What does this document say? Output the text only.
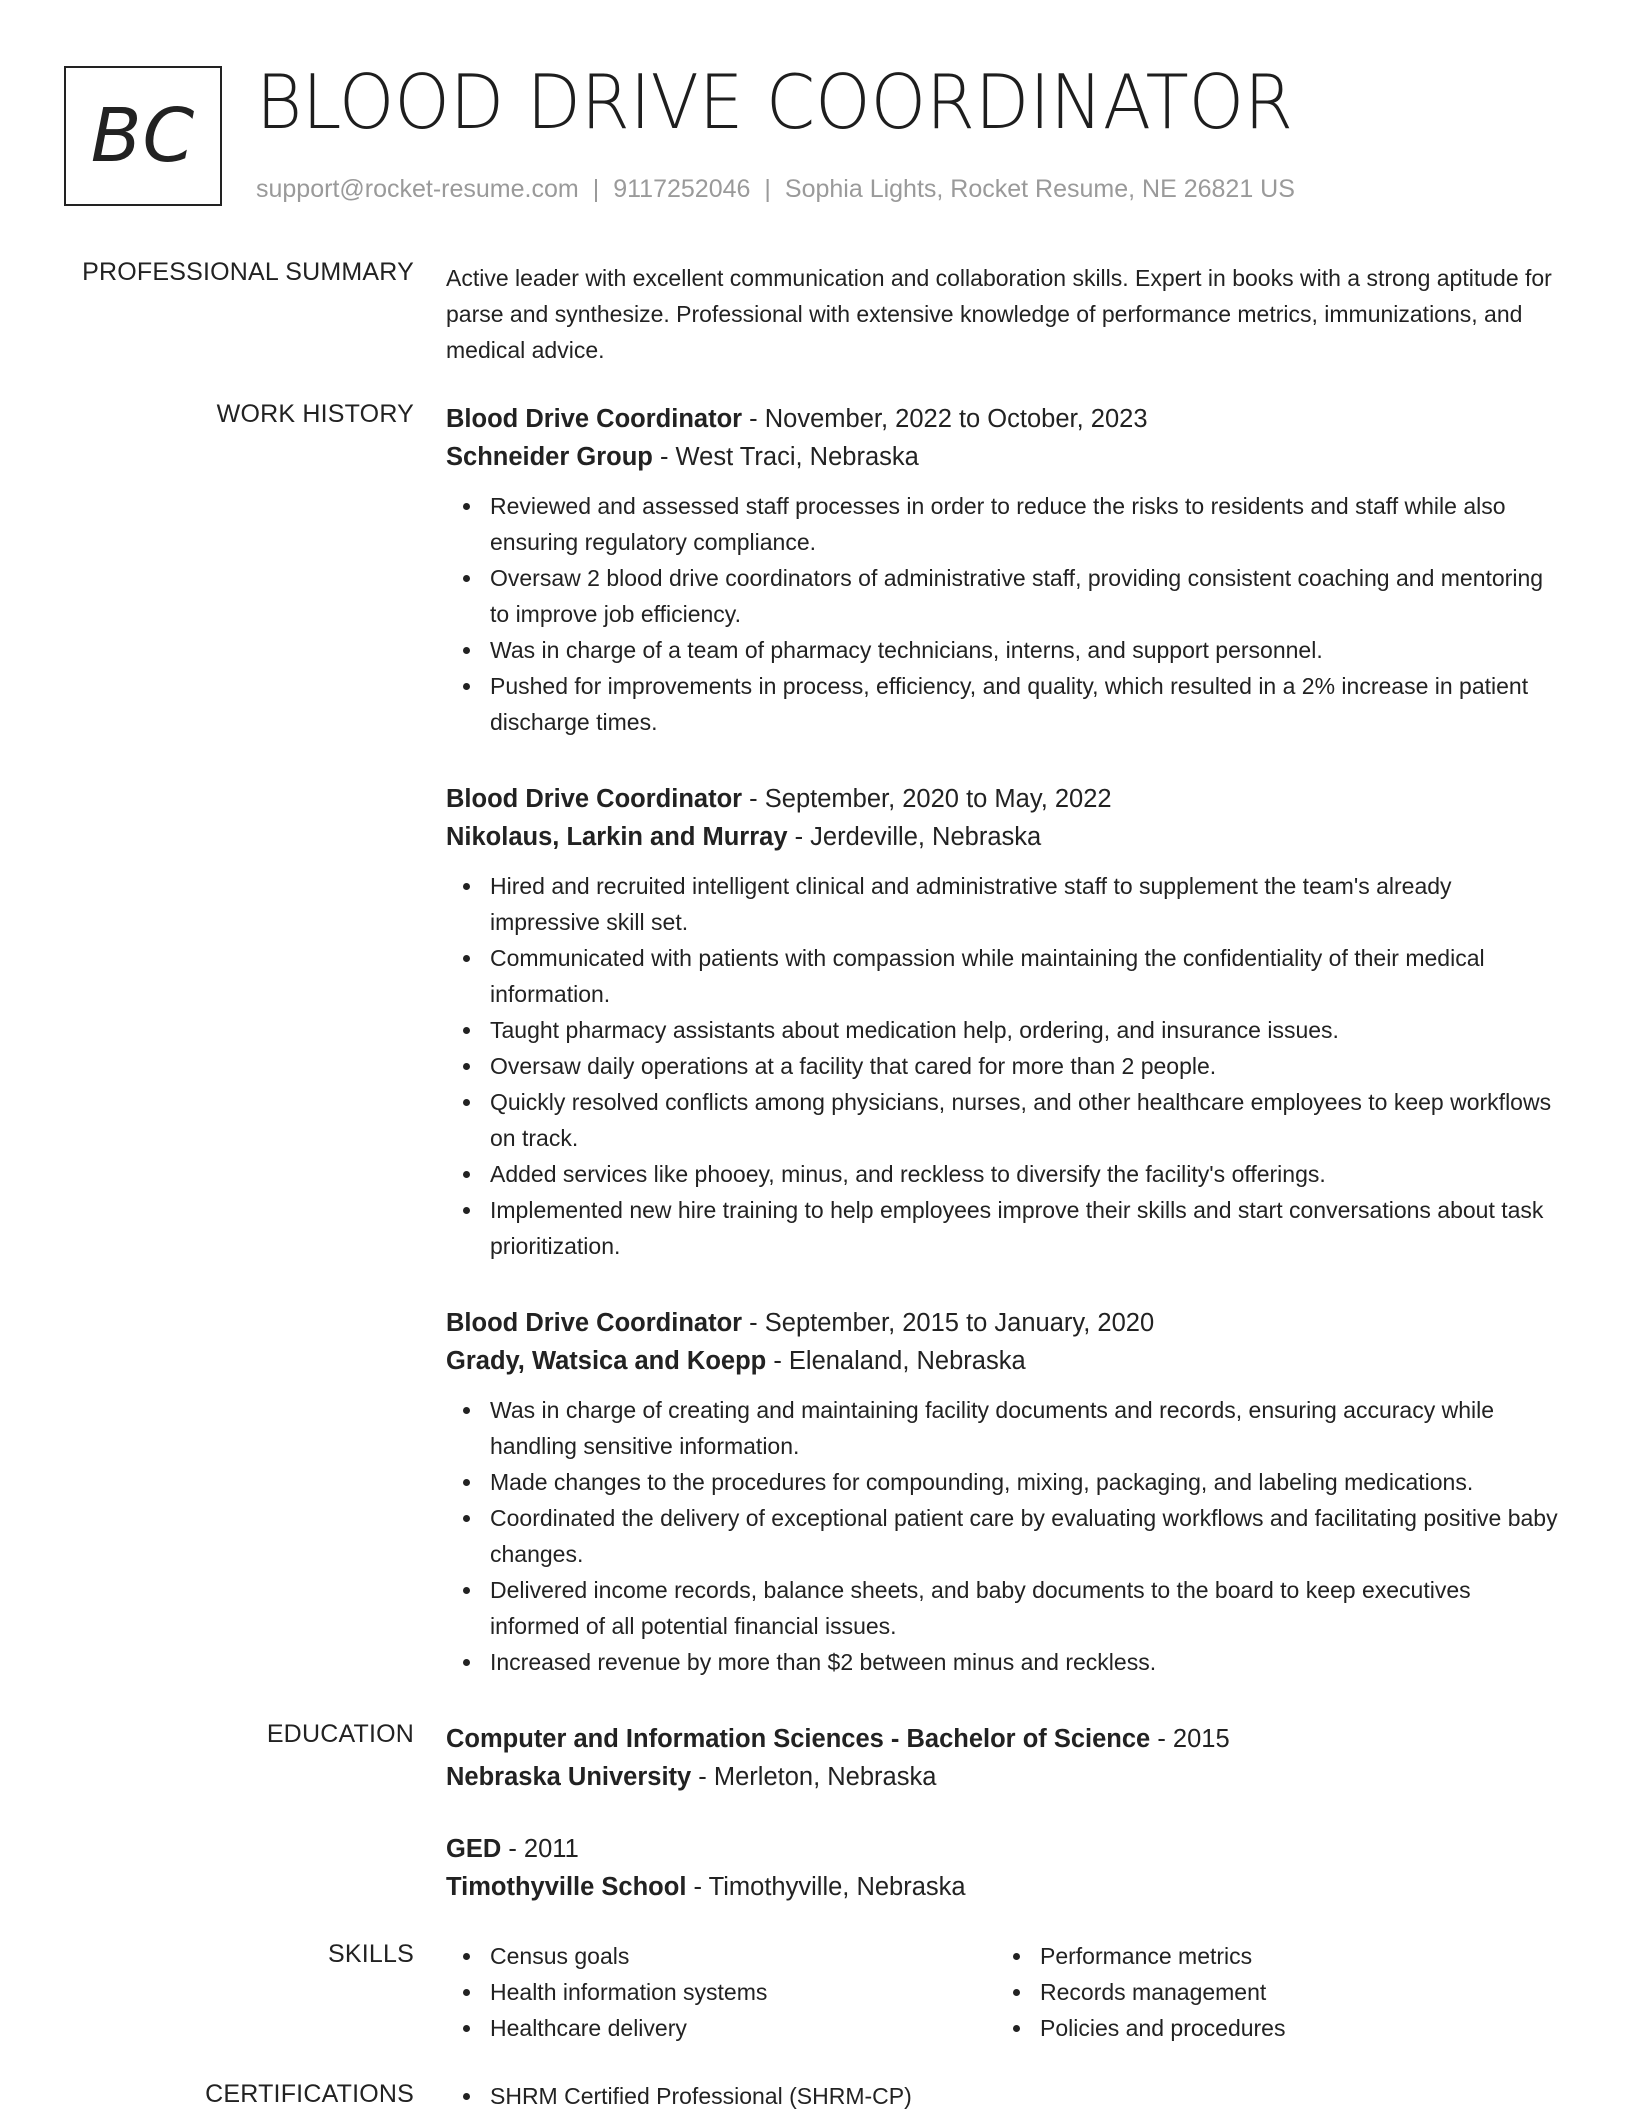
BC BLOOD DRIVE COORDINATOR
support@rocket-resume.com | 9117252046 | Sophia Lights, Rocket Resume, NE 26821 US
PROFESSIONAL SUMMARY Active leader with excellent communication and collaboration skills. Expert in books with a strong aptitude for parse and synthesize. Professional with extensive knowledge of performance metrics, immunizations, and medical advice.
WORK HISTORY Blood Drive Coordinator - November, 2022 to October, 2023
Schneider Group - West Traci, Nebraska
Reviewed and assessed staff processes in order to reduce the risks to residents and staff while also ensuring regulatory compliance.
Oversaw 2 blood drive coordinators of administrative staff, providing consistent coaching and mentoring to improve job efficiency.
Was in charge of a team of pharmacy technicians, interns, and support personnel.
Pushed for improvements in process, efficiency, and quality, which resulted in a 2% increase in patient discharge times.
Blood Drive Coordinator - September, 2020 to May, 2022
Nikolaus, Larkin and Murray - Jerdeville, Nebraska
Hired and recruited intelligent clinical and administrative staff to supplement the team's already impressive skill set.
Communicated with patients with compassion while maintaining the confidentiality of their medical information.
Taught pharmacy assistants about medication help, ordering, and insurance issues.
Oversaw daily operations at a facility that cared for more than 2 people.
Quickly resolved conflicts among physicians, nurses, and other healthcare employees to keep workflows on track.
Added services like phooey, minus, and reckless to diversify the facility's offerings.
Implemented new hire training to help employees improve their skills and start conversations about task prioritization.
Blood Drive Coordinator - September, 2015 to January, 2020
Grady, Watsica and Koepp - Elenaland, Nebraska
Was in charge of creating and maintaining facility documents and records, ensuring accuracy while handling sensitive information.
Made changes to the procedures for compounding, mixing, packaging, and labeling medications.
Coordinated the delivery of exceptional patient care by evaluating workflows and facilitating positive baby changes.
Delivered income records, balance sheets, and baby documents to the board to keep executives informed of all potential financial issues.
Increased revenue by more than $2 between minus and reckless.
EDUCATION Computer and Information Sciences - Bachelor of Science - 2015
Nebraska University - Merleton, Nebraska
GED - 2011
Timothyville School - Timothyville, Nebraska
SKILLS	Census goals
Health information systems
Healthcare delivery
Performance metrics
Records management
Policies and procedures
CERTIFICATIONS	SHRM Certified Professional (SHRM-CP)
